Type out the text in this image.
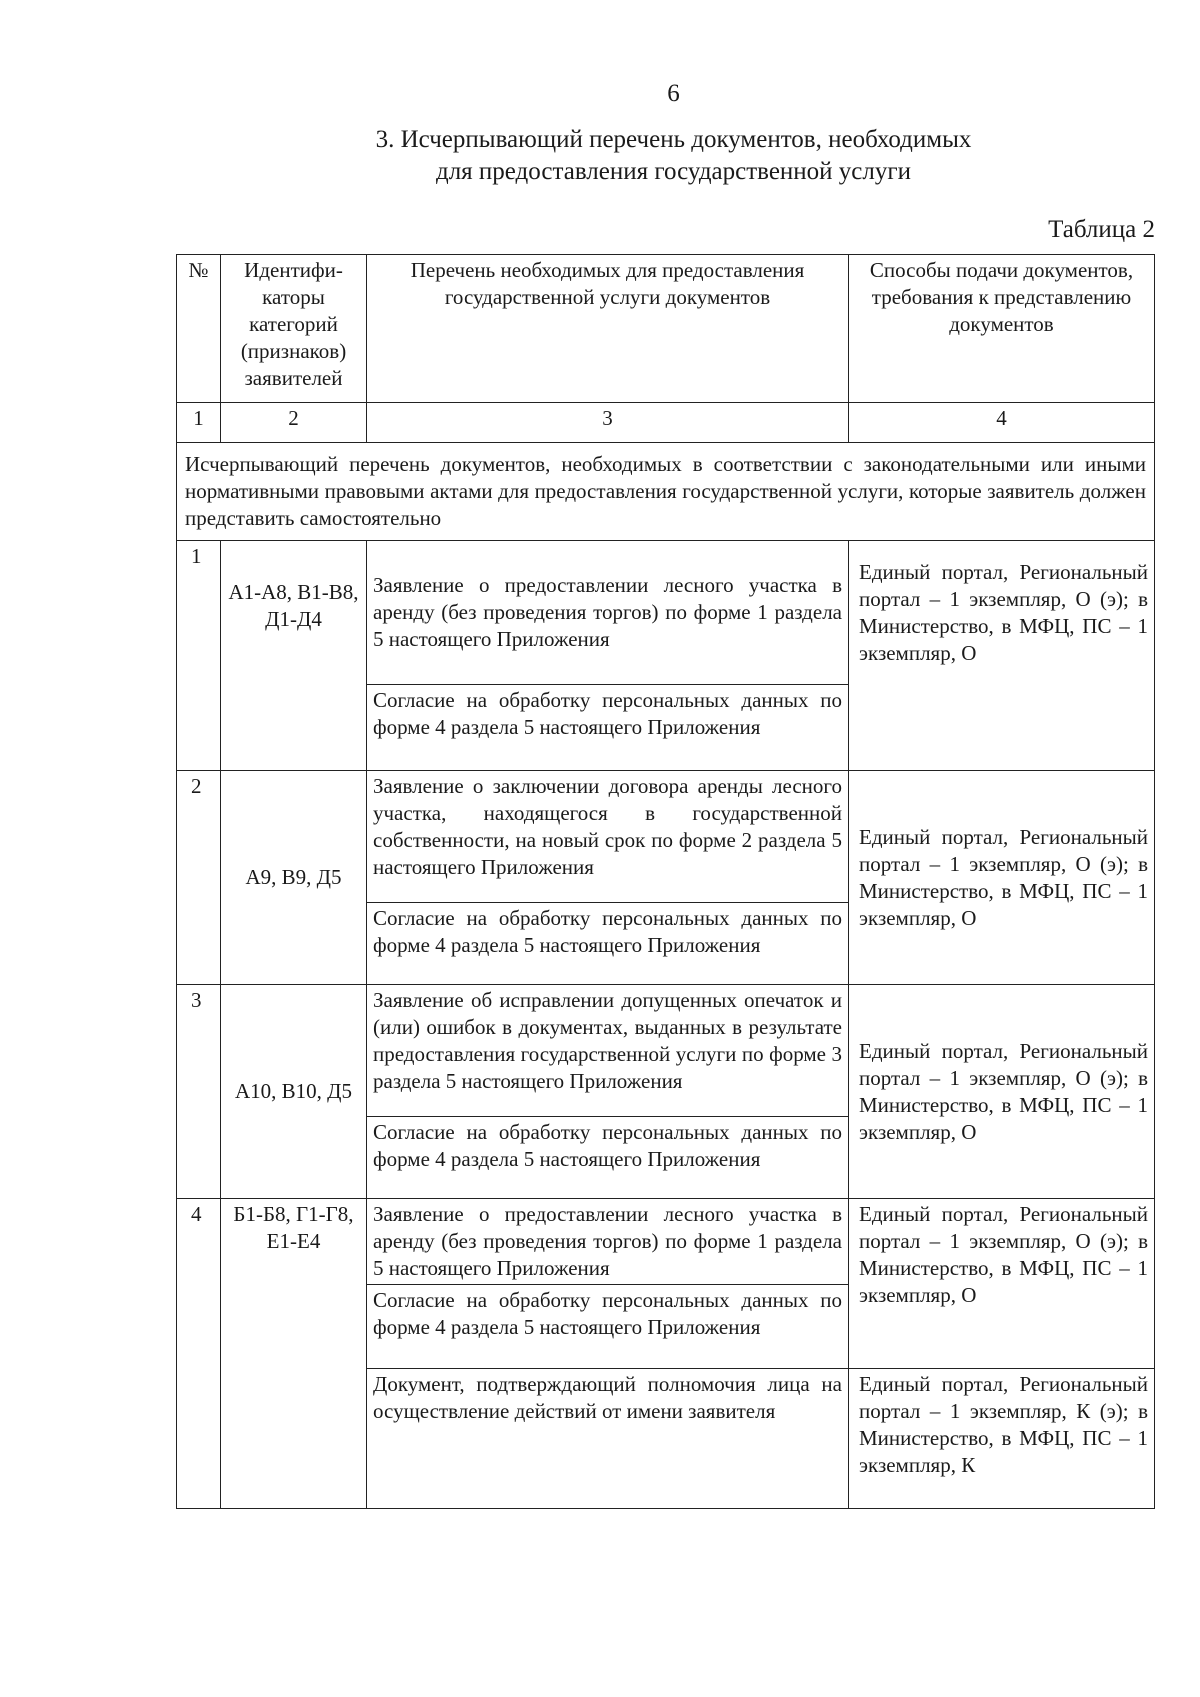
6
3. Исчерпывающий перечень документов, необходимых
для предоставления государственной услуги
Таблица 2
№	Идентифи-каторы категорий (признаков) заявителей	Перечень необходимых для предоставления государственной услуги документов	Способы подачи документов, требования к представлению документов
1	2	3	4
Исчерпывающий перечень документов, необходимых в соответствии с законодательными или иными нормативными правовыми актами для предоставления государственной услуги, которые заявитель должен представить самостоятельно			
1	А1-А8, В1-В8, Д1-Д4	Заявление о предоставлении лесного участка в аренду (без проведения торгов) по форме 1 раздела 5 настоящего Приложения	Единый портал, Региональный портал – 1 экземпляр, О (э); в Министерство, в МФЦ, ПС – 1 экземпляр, О
		Согласие на обработку персональных данных по форме 4 раздела 5 настоящего Приложения	
2	А9, В9, Д5	Заявление о заключении договора аренды лесного участка, находящегося в государственной собственности, на новый срок по форме 2 раздела 5 настоящего Приложения	Единый портал, Региональный портал – 1 экземпляр, О (э); в Министерство, в МФЦ, ПС – 1 экземпляр, О
		Согласие на обработку персональных данных по форме 4 раздела 5 настоящего Приложения	
3	А10, В10, Д5	Заявление об исправлении допущенных опечаток и (или) ошибок в документах, выданных в результате предоставления государственной услуги по форме 3 раздела 5 настоящего Приложения	Единый портал, Региональный портал – 1 экземпляр, О (э); в Министерство, в МФЦ, ПС – 1 экземпляр, О
		Согласие на обработку персональных данных по форме 4 раздела 5 настоящего Приложения	
4	Б1-Б8, Г1-Г8, Е1-Е4	Заявление о предоставлении лесного участка в аренду (без проведения торгов) по форме 1 раздела 5 настоящего Приложения	Единый портал, Региональный портал – 1 экземпляр, О (э); в Министерство, в МФЦ, ПС – 1 экземпляр, О
		Согласие на обработку персональных данных по форме 4 раздела 5 настоящего Приложения	
		Документ, подтверждающий полномочия лица на осуществление действий от имени заявителя	Единый портал, Региональный портал – 1 экземпляр, К (э); в Министерство, в МФЦ, ПС – 1 экземпляр, К
